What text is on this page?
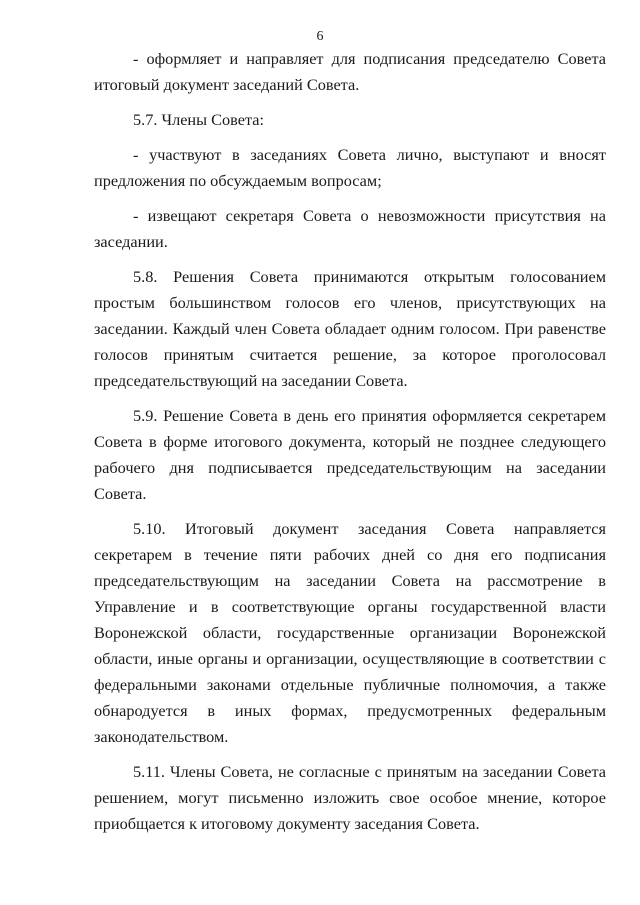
6

- оформляет и направляет для подписания председателю Совета итоговый документ заседаний Совета.

5.7. Члены Совета:

- участвуют в заседаниях Совета лично, выступают и вносят предложения по обсуждаемым вопросам;

- извещают секретаря Совета о невозможности присутствия на заседании.

5.8. Решения Совета принимаются открытым голосованием простым большинством голосов его членов, присутствующих на заседании. Каждый член Совета обладает одним голосом. При равенстве голосов принятым считается решение, за которое проголосовал председательствующий на заседании Совета.

5.9. Решение Совета в день его принятия оформляется секретарем Совета в форме итогового документа, который не позднее следующего рабочего дня подписывается председательствующим на заседании Совета.

5.10. Итоговый документ заседания Совета направляется секретарем в течение пяти рабочих дней со дня его подписания председательствующим на заседании Совета на рассмотрение в Управление и в соответствующие органы государственной власти Воронежской области, государственные организации Воронежской области, иные органы и организации, осуществляющие в соответствии с федеральными законами отдельные публичные полномочия, а также обнародуется в иных формах, предусмотренных федеральным законодательством.

5.11. Члены Совета, не согласные с принятым на заседании Совета решением, могут письменно изложить свое особое мнение, которое приобщается к итоговому документу заседания Совета.
